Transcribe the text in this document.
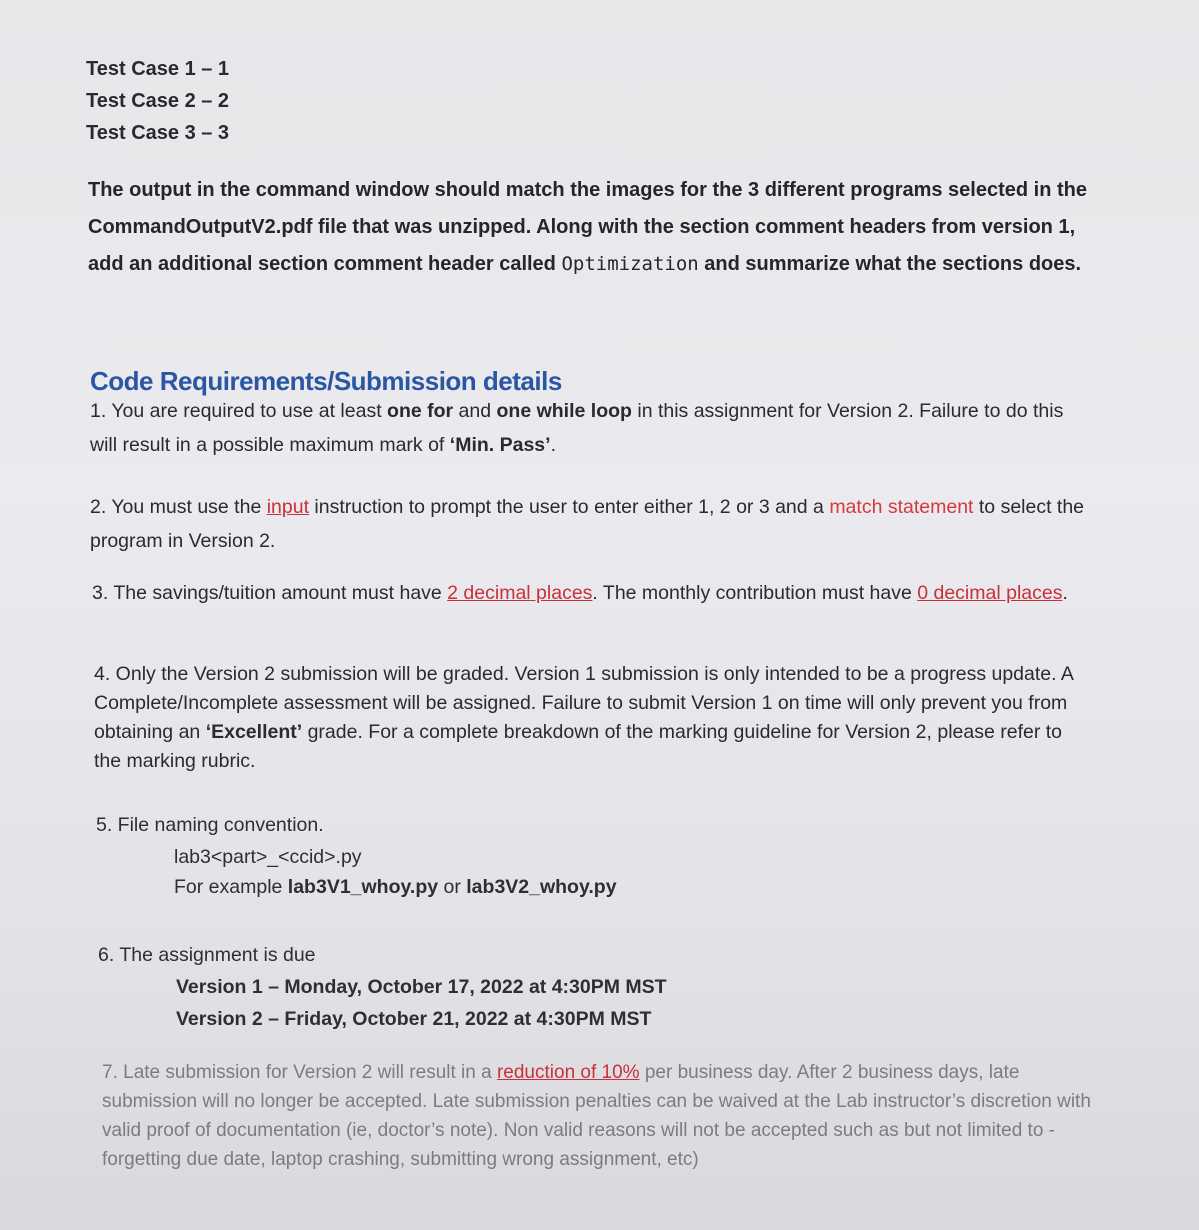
Test Case 1 – 1
Test Case 2 – 2
Test Case 3 – 3
The output in the command window should match the images for the 3 different programs selected in the CommandOutputV2.pdf file that was unzipped. Along with the section comment headers from version 1, add an additional section comment header called Optimization and summarize what the sections does.
Code Requirements/Submission details
1. You are required to use at least one for and one while loop in this assignment for Version 2. Failure to do this will result in a possible maximum mark of ‘Min. Pass’.
2. You must use the input instruction to prompt the user to enter either 1, 2 or 3 and a match statement to select the program in Version 2.
3. The savings/tuition amount must have 2 decimal places. The monthly contribution must have 0 decimal places.
4. Only the Version 2 submission will be graded. Version 1 submission is only intended to be a progress update. A Complete/Incomplete assessment will be assigned. Failure to submit Version 1 on time will only prevent you from obtaining an ‘Excellent’ grade. For a complete breakdown of the marking guideline for Version 2, please refer to the marking rubric.
5. File naming convention.
lab3<part>_<ccid>.py
For example lab3V1_whoy.py or lab3V2_whoy.py
6. The assignment is due
Version 1 – Monday, October 17, 2022 at 4:30PM MST
Version 2 – Friday, October 21, 2022 at 4:30PM MST
7. Late submission for Version 2 will result in a reduction of 10% per business day. After 2 business days, late submission will no longer be accepted. Late submission penalties can be waived at the Lab instructor’s discretion with valid proof of documentation (ie, doctor’s note). Non valid reasons will not be accepted such as but not limited to - forgetting due date, laptop crashing, submitting wrong assignment, etc)
